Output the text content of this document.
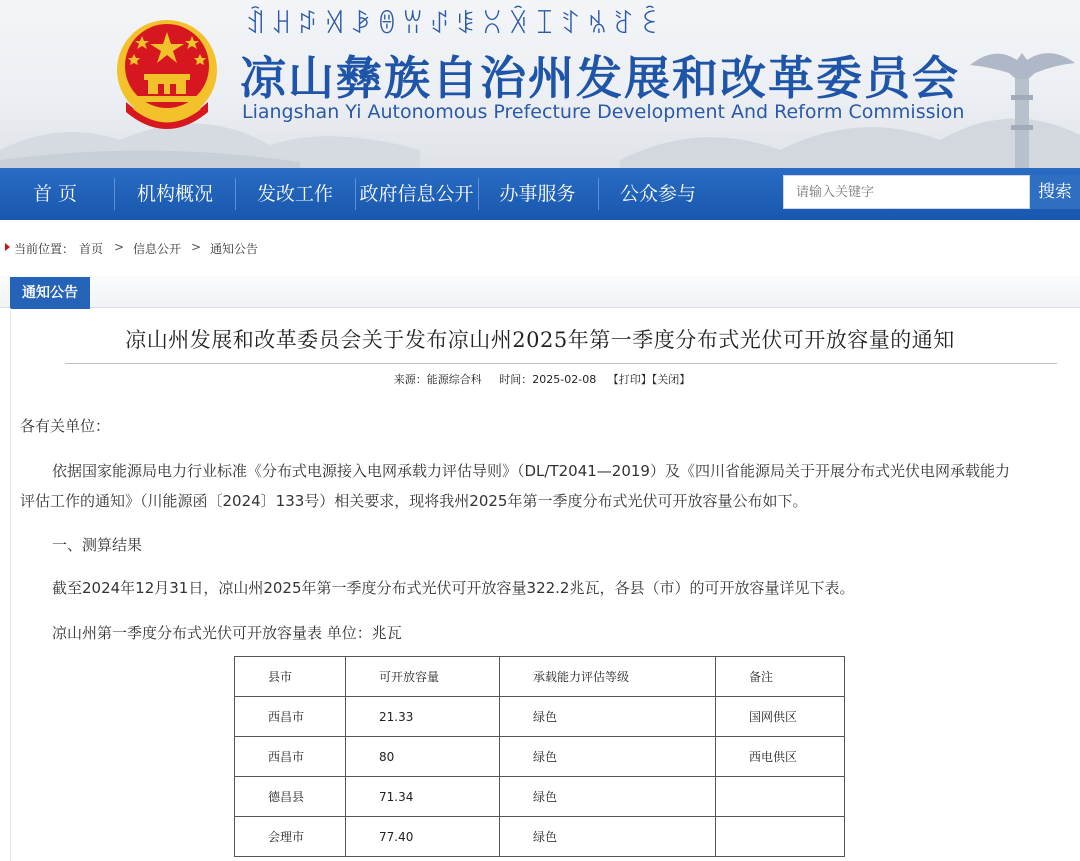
ꀉꃅꁯꄉꆃꇩꀕꂴꌐꇤꋋꀤꄸꁱꋒꏁ
凉山彝族自治州发展和改革委员会
Liangshan Yi Autonomous Prefecture Development And Reform Commission
首 页	机构概况	发改工作	政府信息公开	办事服务	公众参与
请输入关键字	搜索
当前位置： 首页 > 信息公开 > 通知公告
通知公告
凉山州发展和改革委员会关于发布凉山州2025年第一季度分布式光伏可开放容量的通知
来源：能源综合科 时间：2025-02-08 【打印】【关闭】
各有关单位：
依据国家能源局电力行业标准《分布式电源接入电网承载力评估导则》（DL/T2041—2019）及《四川省能源局关于开展分布式光伏电网承载能力
评估工作的通知》（川能源函〔2024〕133号）相关要求，现将我州2025年第一季度分布式光伏可开放容量公布如下。
一、测算结果
截至2024年12月31日，凉山州2025年第一季度分布式光伏可开放容量322.2兆瓦，各县（市）的可开放容量详见下表。
凉山州第一季度分布式光伏可开放容量表 单位：兆瓦
县市	可开放容量	承载能力评估等级	备注
西昌市	21.33	绿色	国网供区
西昌市	80	绿色	西电供区
德昌县	71.34	绿色	
会理市	77.40	绿色	
